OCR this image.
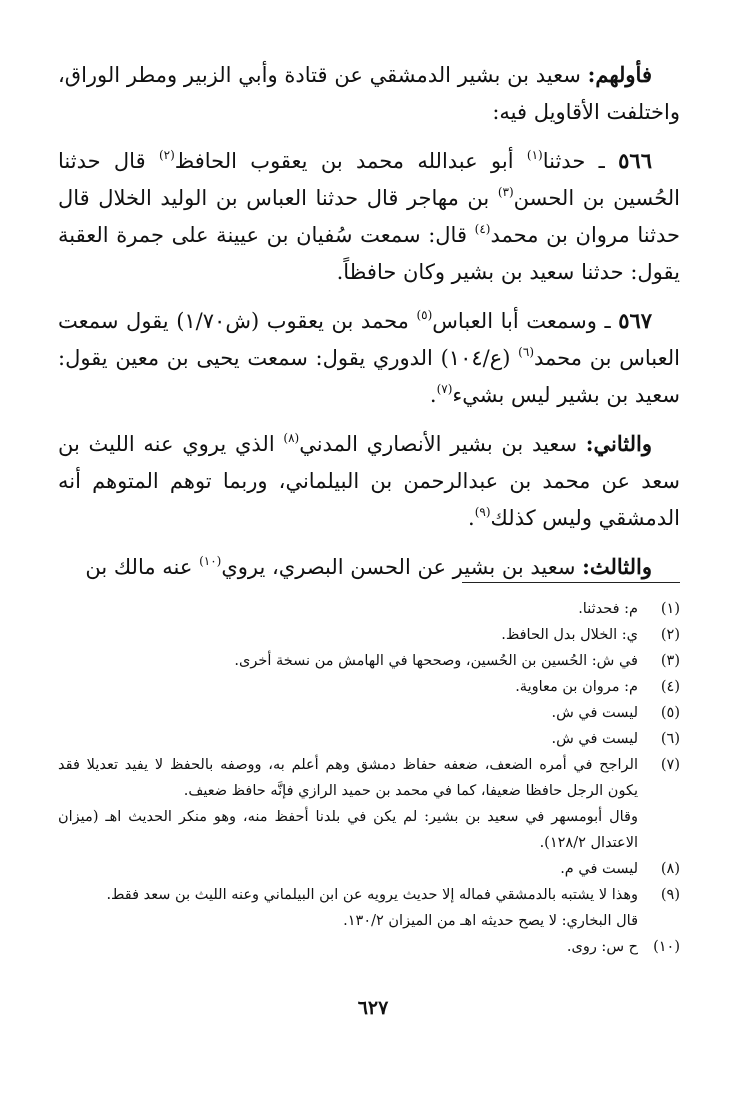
فأولهم: سعيد بن بشير الدمشقي عن قتادة وأبي الزبير ومطر الوراق، واختلفت الأقاويل فيه:

٥٦٦ ـ حدثنا$^{(١)}$ أبو عبدالله محمد بن يعقوب الحافظ$^{(٢)}$ قال حدثنا الحُسين بن الحسن$^{(٣)}$ بن مهاجر قال حدثنا العباس بن الوليد الخلال قال حدثنا مروان بن محمد$^{(٤)}$ قال: سمعت سُفيان بن عيينة على جمرة العقبة يقول: حدثنا سعيد بن بشير وكان حافظاً.

٥٦٧ ـ وسمعت أبا العباس$^{(٥)}$ محمد بن يعقوب (ش١/٧٠) يقول سمعت العباس بن محمد$^{(٦)}$ (ع/١٠٤) الدوري يقول: سمعت يحيى بن معين يقول: سعيد بن بشير ليس بشيء$^{(٧)}$.

والثاني: سعيد بن بشير الأنصاري المدني$^{(٨)}$ الذي يروي عنه الليث بن سعد عن محمد بن عبدالرحمن بن البيلماني، وربما توهم المتوهم أنه الدمشقي وليس كذلك$^{(٩)}$.

والثالث: سعيد بن بشير عن الحسن البصري، يروي$^{(١٠)}$ عنه مالك بن

(١)
م: فحدثنا.
(٢)
ي: الخلال بدل الحافظ.
(٣)
في ش: الحُسين بن الحُسين، وصححها في الهامش من نسخة أخرى.
(٤)
م: مروان بن معاوية.
(٥)
ليست في ش.
(٦)
ليست في ش.
(٧)
الراجح في أمره الضعف، ضعفه حفاظ دمشق وهم أعلم به، ووصفه بالحفظ لا يفيد تعديلا فقد يكون الرجل حافظا ضعيفا، كما في محمد بن حميد الرازي فإنَّه حافظ ضعيف.
وقال أبومسهر في سعيد بن بشير: لم يكن في بلدنا أحفظ منه، وهو منكر الحديث اهـ (ميزان الاعتدال ١٢٨/٢).
(٨)
ليست في م.
(٩)
وهذا لا يشتبه بالدمشقي فماله إلا حديث يرويه عن ابن البيلماني وعنه الليث بن سعد فقط.
قال البخاري: لا يصح حديثه اهـ من الميزان ١٣٠/٢.
(١٠)
ح س: روى.
٦٢٧
